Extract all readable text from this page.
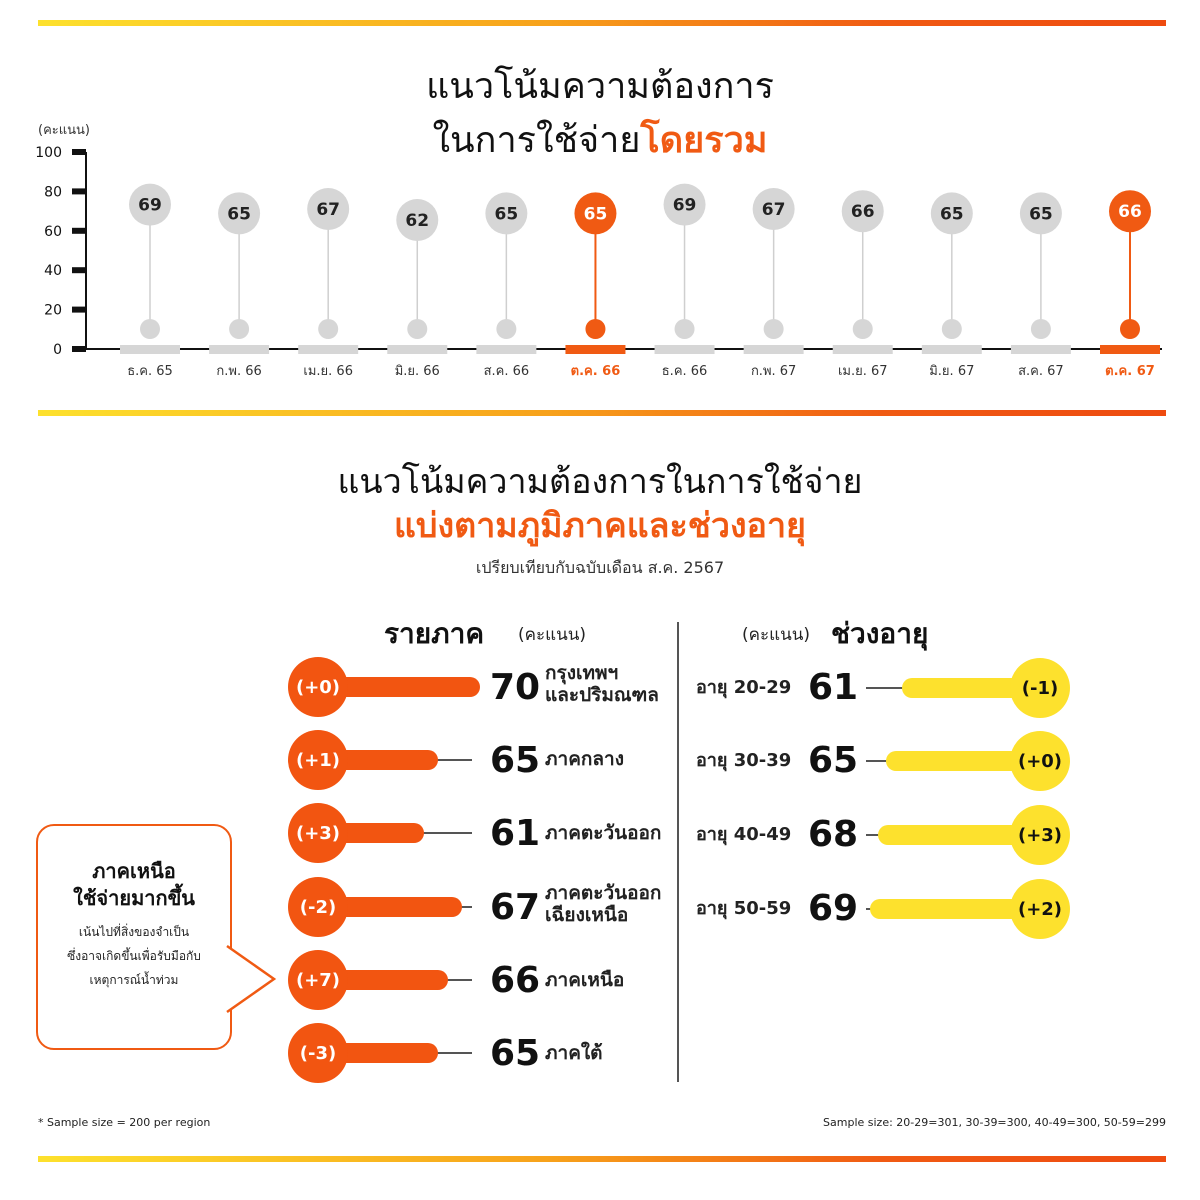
แนวโน้มความต้องการ
ในการใช้จ่ายโดยรวม
(คะแนน)
0
20
40
60
80
100
69
ธ.ค. 65
65
ก.พ. 66
67
เม.ย. 66
62
มิ.ย. 66
65
ส.ค. 66
65
ต.ค. 66
69
ธ.ค. 66
67
ก.พ. 67
66
เม.ย. 67
65
มิ.ย. 67
65
ส.ค. 67
66
ต.ค. 67
แนวโน้มความต้องการในการใช้จ่าย
แบ่งตามภูมิภาคและช่วงอายุ
เปรียบเทียบกับฉบับเดือน ส.ค. 2567
รายภาค (คะแนน)	(คะแนน) ช่วงอายุ
(+0)	70 กรุงเทพฯ
และปริมณฑล
(+1)	65 ภาคกลาง
(+3)	61 ภาคตะวันออก
(-2)	67 ภาคตะวันออก
เฉียงเหนือ
(+7)	66 ภาคเหนือ
(-3)	65 ภาคใต้
อายุ 20-29 61	(-1)
อายุ 30-39 65	(+0)
อายุ 40-49 68	(+3)
อายุ 50-59 69	(+2)
ภาคเหนือ
ใช้จ่ายมากขึ้น
เน้นไปที่สิ่งของจำเป็น
ซึ่งอาจเกิดขึ้นเพื่อรับมือกับ
เหตุการณ์น้ำท่วม
* Sample size = 200 per region	Sample size: 20-29=301, 30-39=300, 40-49=300, 50-59=299
